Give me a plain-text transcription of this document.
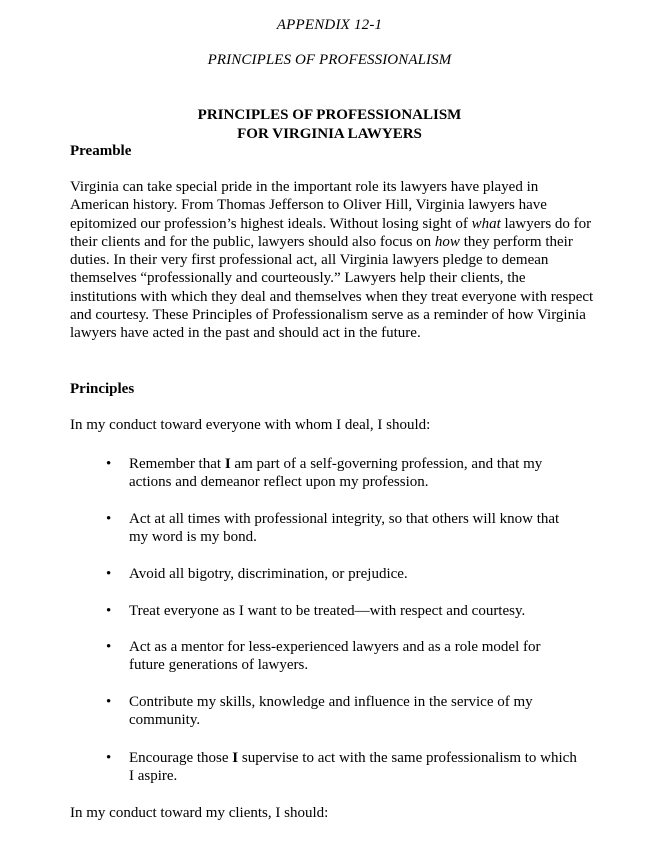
APPENDIX 12-1
PRINCIPLES OF PROFESSIONALISM
PRINCIPLES OF PROFESSIONALISM
FOR VIRGINIA LAWYERS
Preamble
Virginia can take special pride in the important role its lawyers have played in American history. From Thomas Jefferson to Oliver Hill, Virginia lawyers have epitomized our profession’s highest ideals. Without losing sight of what lawyers do for their clients and for the public, lawyers should also focus on how they perform their duties. In their very first professional act, all Virginia lawyers pledge to demean themselves “professionally and courteously.” Lawyers help their clients, the institutions with which they deal and themselves when they treat everyone with respect and courtesy. These Principles of Professionalism serve as a reminder of how Virginia lawyers have acted in the past and should act in the future.
Principles
In my conduct toward everyone with whom I deal, I should:
•	Remember that I am part of a self-governing profession, and that my actions and demeanor reflect upon my profession.
•	Act at all times with professional integrity, so that others will know that my word is my bond.
•	Avoid all bigotry, discrimination, or prejudice.
•	Treat everyone as I want to be treated—with respect and courtesy.
•	Act as a mentor for less-experienced lawyers and as a role model for future generations of lawyers.
•	Contribute my skills, knowledge and influence in the service of my community.
•	Encourage those I supervise to act with the same professionalism to which I aspire.
In my conduct toward my clients, I should:
